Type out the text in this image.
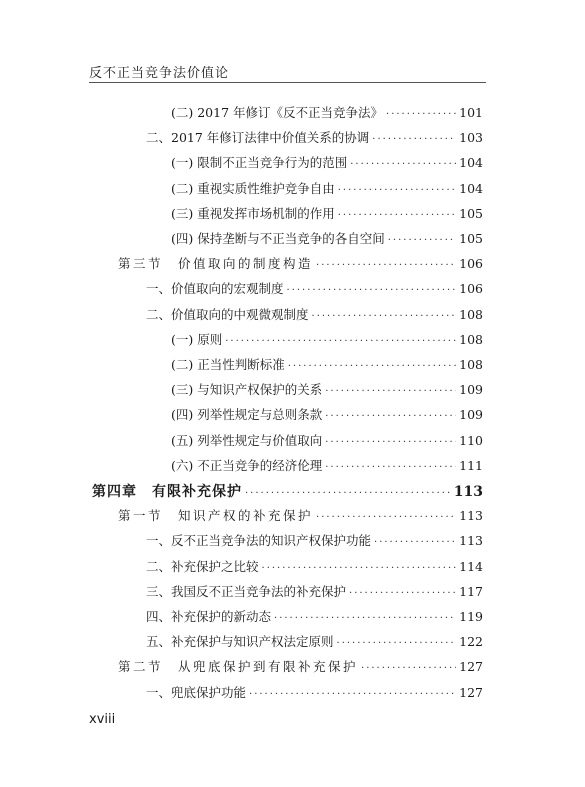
反不正当竞争法价值论
(二) 2017 年修订《反不正当竞争法》 ·····	101
二、2017 年修订法律中价值关系的协调 ·····	103
(一) 限制不正当竞争行为的范围 ·····	104
(二) 重视实质性维护竞争自由 ·····	104
(三) 重视发挥市场机制的作用 ·····	105
(四) 保持垄断与不正当竞争的各自空间 ·····	105
第三节　价值取向的制度构造 ·····	106
一、价值取向的宏观制度 ·····	106
二、价值取向的中观微观制度 ·····	108
(一) 原则 ·····	108
(二) 正当性判断标准 ·····	108
(三) 与知识产权保护的关系 ·····	109
(四) 列举性规定与总则条款 ·····	109
(五) 列举性规定与价值取向 ·····	110
(六) 不正当竞争的经济伦理 ·····	111
第四章　有限补充保护 ·····	113
第一节　知识产权的补充保护 ·····	113
一、反不正当竞争法的知识产权保护功能 ·····	113
二、补充保护之比较 ·····	114
三、我国反不正当竞争法的补充保护 ·····	117
四、补充保护的新动态 ·····	119
五、补充保护与知识产权法定原则 ·····	122
第二节　从兜底保护到有限补充保护 ·····	127
一、兜底保护功能 ·····	127
xviii
